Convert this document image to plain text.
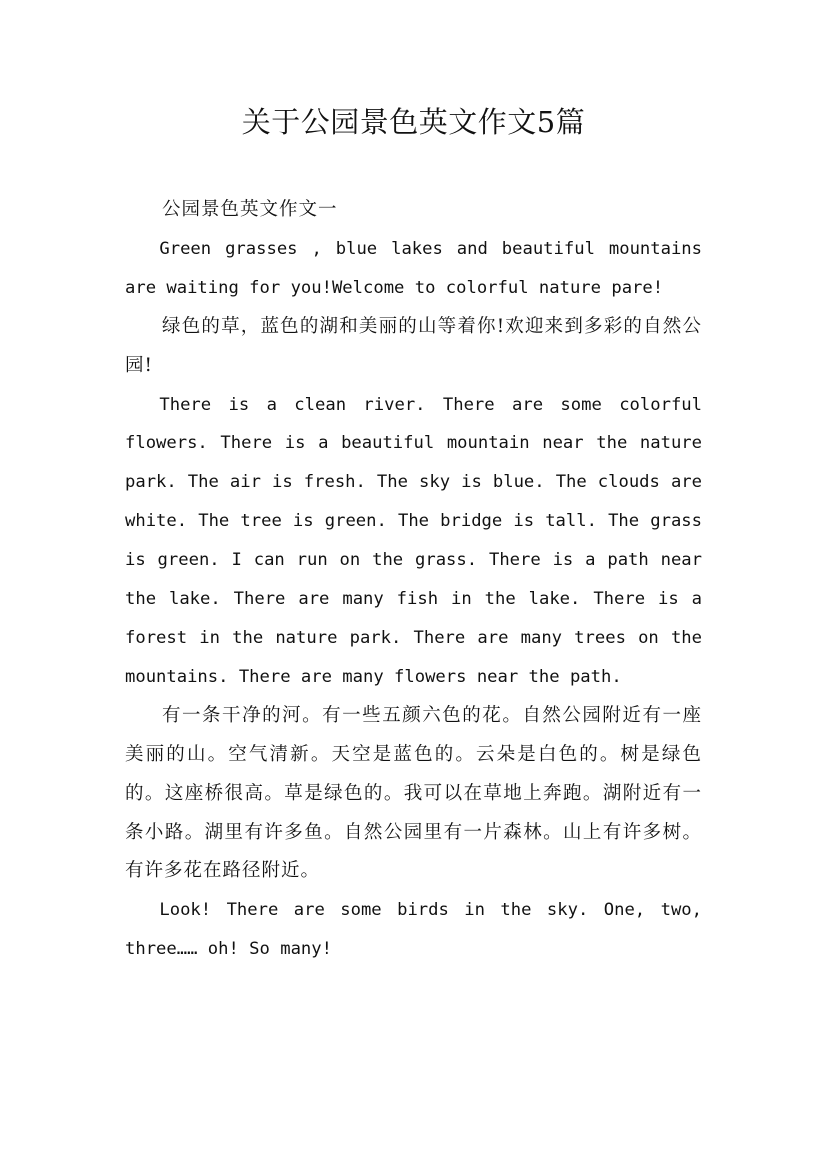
关于公园景色英文作文5篇

公园景色英文作文一

Green grasses , blue lakes and beautiful mountains are waiting for you!Welcome to colorful nature pare!

绿色的草，蓝色的湖和美丽的山等着你!欢迎来到多彩的自然公园!

There is a clean river. There are some colorful flowers. There is a beautiful mountain near the nature park. The air is fresh. The sky is blue. The clouds are white. The tree is green. The bridge is tall. The grass is green. I can run on the grass. There is a path near the lake. There are many fish in the lake. There is a forest in the nature park. There are many trees on the mountains. There are many flowers near the path.

有一条干净的河。有一些五颜六色的花。自然公园附近有一座美丽的山。空气清新。天空是蓝色的。云朵是白色的。树是绿色的。这座桥很高。草是绿色的。我可以在草地上奔跑。湖附近有一条小路。湖里有许多鱼。自然公园里有一片森林。山上有许多树。有许多花在路径附近。

Look! There are some birds in the sky. One, two, three…… oh! So many!
